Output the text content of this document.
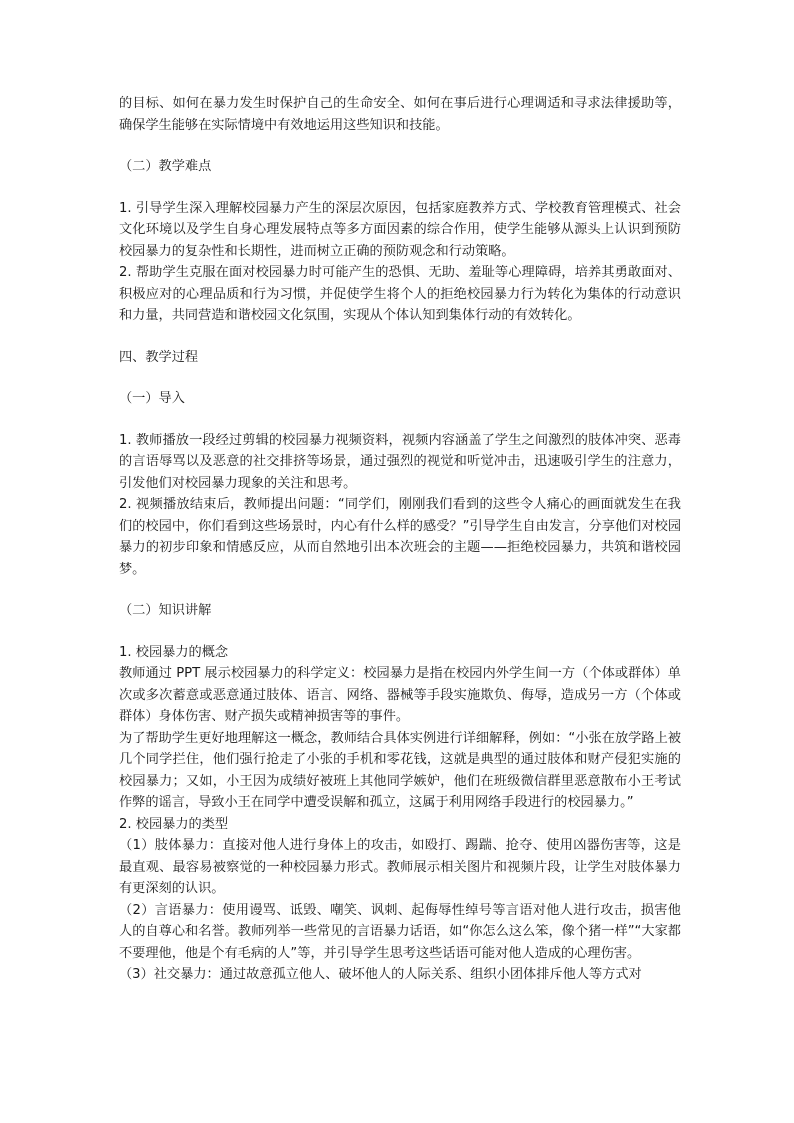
的目标、如何在暴力发生时保护自己的生命安全、如何在事后进行心理调适和寻求法律援助等，确保学生能够在实际情境中有效地运用这些知识和技能。

（二）教学难点

1. 引导学生深入理解校园暴力产生的深层次原因，包括家庭教养方式、学校教育管理模式、社会文化环境以及学生自身心理发展特点等多方面因素的综合作用，使学生能够从源头上认识到预防校园暴力的复杂性和长期性，进而树立正确的预防观念和行动策略。

2. 帮助学生克服在面对校园暴力时可能产生的恐惧、无助、羞耻等心理障碍，培养其勇敢面对、积极应对的心理品质和行为习惯，并促使学生将个人的拒绝校园暴力行为转化为集体的行动意识和力量，共同营造和谐校园文化氛围，实现从个体认知到集体行动的有效转化。

四、教学过程

（一）导入

1. 教师播放一段经过剪辑的校园暴力视频资料，视频内容涵盖了学生之间激烈的肢体冲突、恶毒的言语辱骂以及恶意的社交排挤等场景，通过强烈的视觉和听觉冲击，迅速吸引学生的注意力，引发他们对校园暴力现象的关注和思考。

2. 视频播放结束后，教师提出问题：“同学们，刚刚我们看到的这些令人痛心的画面就发生在我们的校园中，你们看到这些场景时，内心有什么样的感受？”引导学生自由发言，分享他们对校园暴力的初步印象和情感反应，从而自然地引出本次班会的主题——拒绝校园暴力，共筑和谐校园梦。

（二）知识讲解

1. 校园暴力的概念

教师通过 PPT 展示校园暴力的科学定义：校园暴力是指在校园内外学生间一方（个体或群体）单次或多次蓄意或恶意通过肢体、语言、网络、器械等手段实施欺负、侮辱，造成另一方（个体或群体）身体伤害、财产损失或精神损害等的事件。

为了帮助学生更好地理解这一概念，教师结合具体实例进行详细解释，例如：“小张在放学路上被几个同学拦住，他们强行抢走了小张的手机和零花钱，这就是典型的通过肢体和财产侵犯实施的校园暴力；又如，小王因为成绩好被班上其他同学嫉妒，他们在班级微信群里恶意散布小王考试作弊的谣言，导致小王在同学中遭受误解和孤立，这属于利用网络手段进行的校园暴力。”

2. 校园暴力的类型

（1）肢体暴力：直接对他人进行身体上的攻击，如殴打、踢踹、抢夺、使用凶器伤害等，这是最直观、最容易被察觉的一种校园暴力形式。教师展示相关图片和视频片段，让学生对肢体暴力有更深刻的认识。

（2）言语暴力：使用谩骂、诋毁、嘲笑、讽刺、起侮辱性绰号等言语对他人进行攻击，损害他人的自尊心和名誉。教师列举一些常见的言语暴力话语，如“你怎么这么笨，像个猪一样”“大家都不要理他，他是个有毛病的人”等，并引导学生思考这些话语可能对他人造成的心理伤害。

（3）社交暴力：通过故意孤立他人、破坏他人的人际关系、组织小团体排斥他人等方式对
